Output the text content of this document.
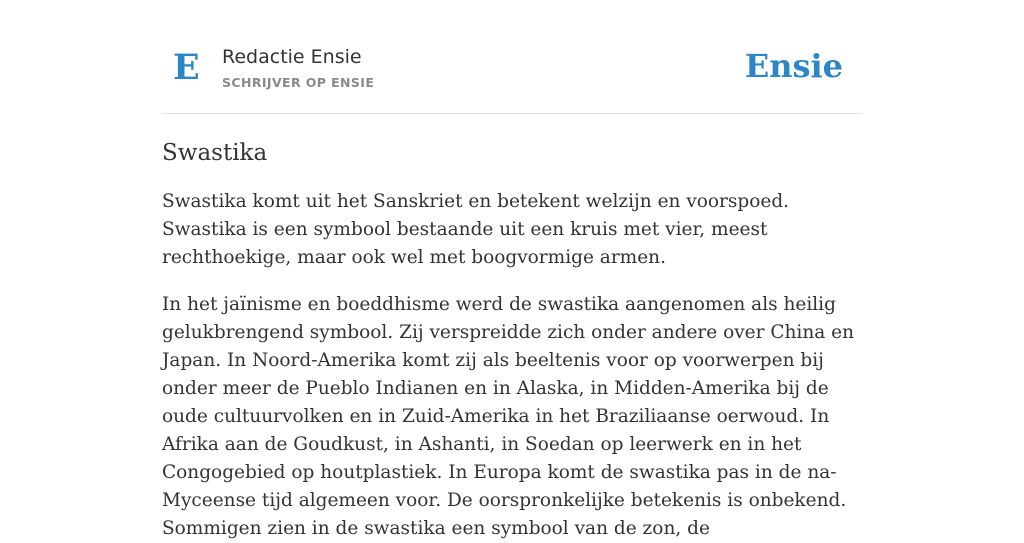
E Redactie Ensie
SCHRIJVER OP ENSIE	Ensie
Swastika

Swastika komt uit het Sanskriet en betekent welzijn en voorspoed. Swastika is een symbool bestaande uit een kruis met vier, meest rechthoekige, maar ook wel met boogvormige armen.

In het jaïnisme en boeddhisme werd de swastika aangenomen als heilig gelukbrengend symbool. Zij verspreidde zich onder andere over China en Japan. In Noord-Amerika komt zij als beeltenis voor op voorwerpen bij onder meer de Pueblo Indianen en in Alaska, in Midden-Amerika bij de oude cultuurvolken en in Zuid-Amerika in het Braziliaanse oerwoud. In Afrika aan de Goudkust, in Ashanti, in Soedan op leerwerk en in het Congogebied op houtplastiek. In Europa komt de swastika pas in de na-Myceense tijd algemeen voor. De oorspronkelijke betekenis is onbekend. Sommigen zien in de swastika een symbool van de zon, de
